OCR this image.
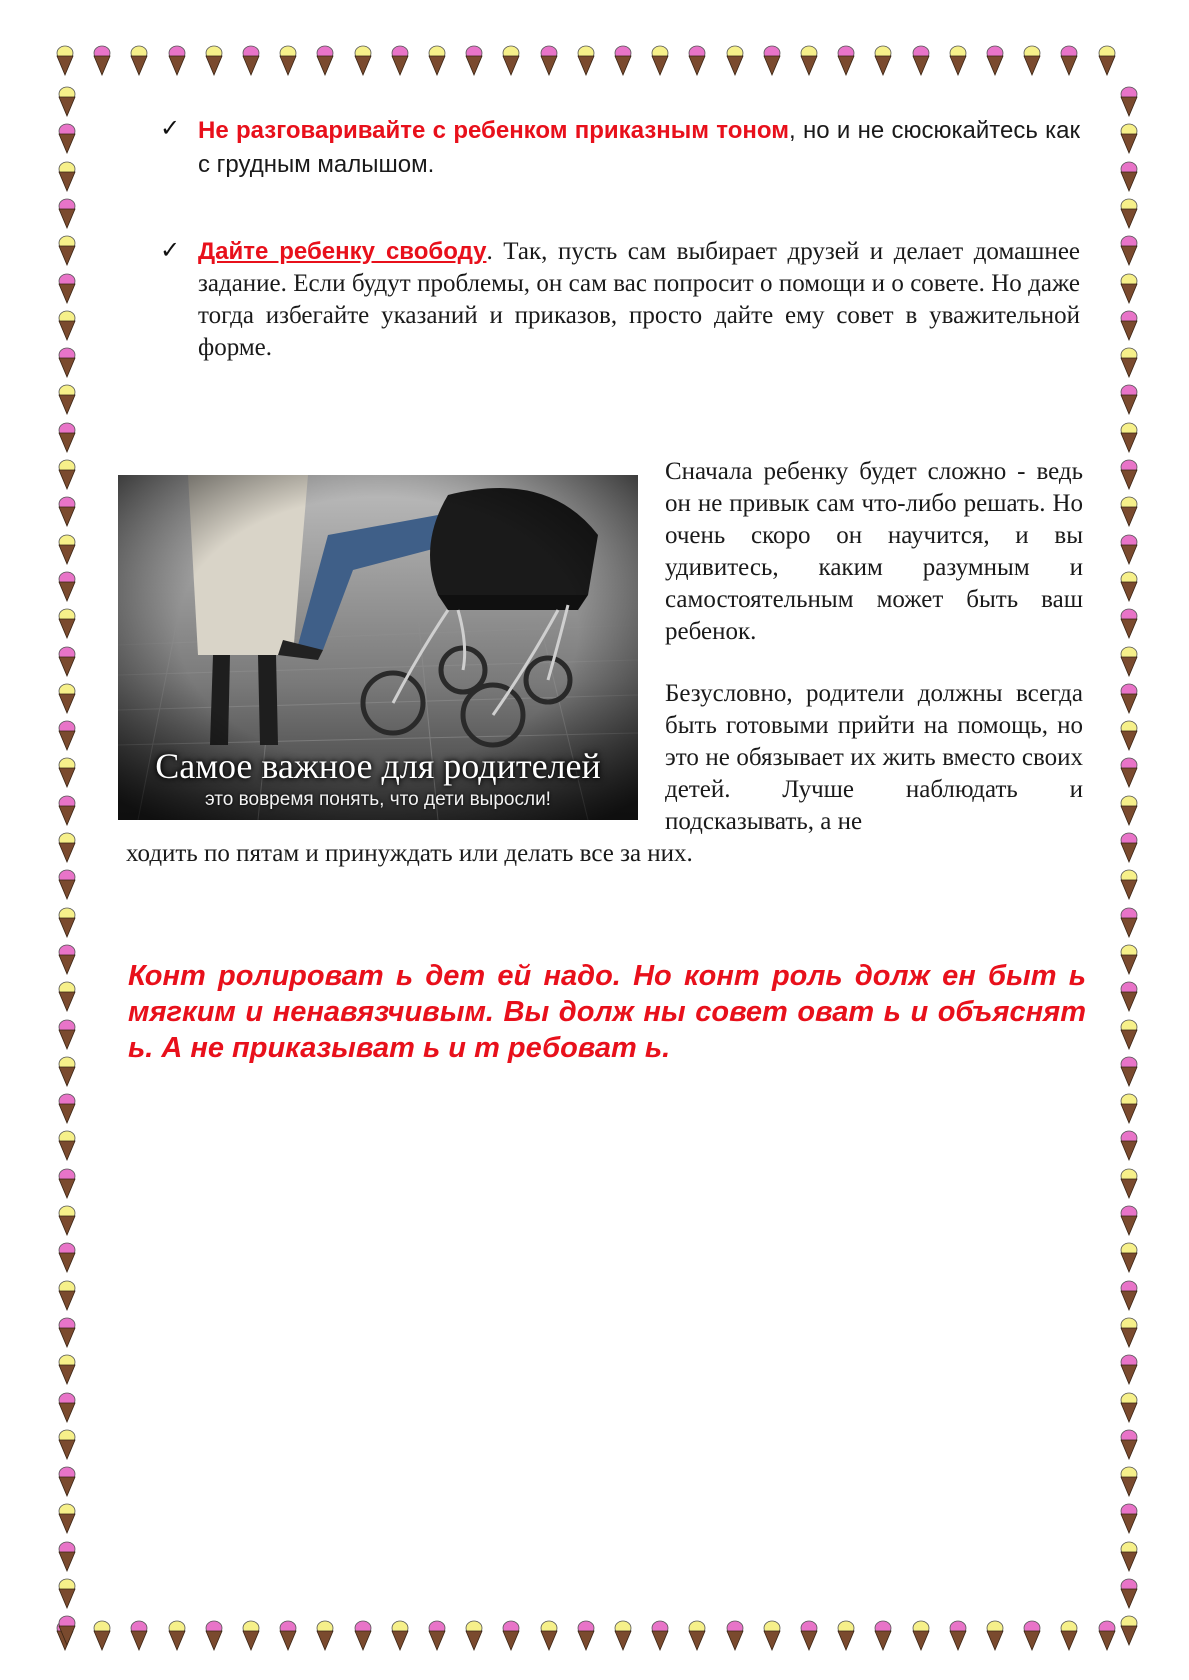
✓ Не разговаривайте с ребенком приказным тоном, но и не сюсюкайтесь как с грудным малышом.
✓ Дайте ребенку свободу. Так, пусть сам выбирает друзей и делает домашнее задание. Если будут проблемы, он сам вас попросит о помощи и о совете. Но даже тогда избегайте указаний и приказов, просто дайте ему совет в уважительной форме.
Самое важное для родителей
это вовремя понять, что дети выросли!
Сначала ребенку будет сложно - ведь он не привык сам что-либо решать. Но очень скоро он научится, и вы удивитесь, каким разумным и самостоятельным может быть ваш ребенок.
Безусловно, родители должны всегда быть готовыми прийти на помощь, но это не обязывает их жить вместо своих детей. Лучше наблюдать и подсказывать, а не
ходить по пятам и принуждать или делать все за них.
Конт ролироват ь дет ей надо. Но конт роль долж ен быт ь мягким и ненавязчивым. Вы долж ны совет оват ь и объяснят ь. А не приказыват ь и т ребоват ь.
